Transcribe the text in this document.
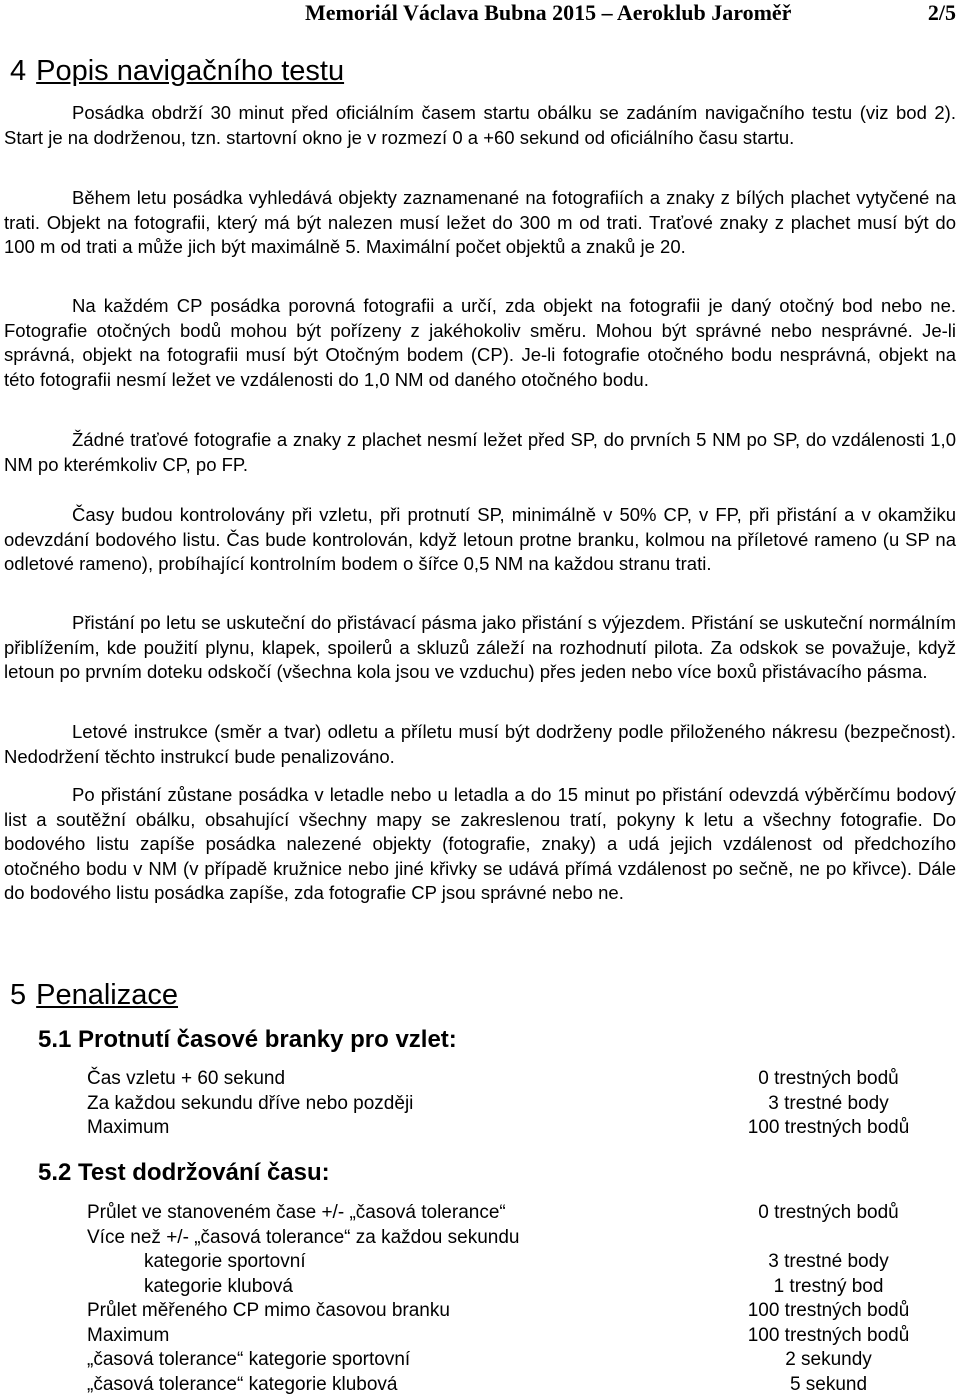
Memoriál Václava Bubna 2015 – Aeroklub Jaroměř	2/5
4 Popis navigačního testu

Posádka obdrží 30 minut před oficiálním časem startu obálku se zadáním navigačního testu (viz bod 2). Start je na dodrženou, tzn. startovní okno je v rozmezí 0 a +60 sekund od oficiálního času startu.

Během letu posádka vyhledává objekty zaznamenané na fotografiích a znaky z bílých plachet vytyčené na trati. Objekt na fotografii, který má být nalezen musí ležet do 300 m od trati. Traťové znaky z plachet musí být do 100 m od trati a může jich být maximálně 5. Maximální počet objektů a znaků je 20.

Na každém CP posádka porovná fotografii a určí, zda objekt na fotografii je daný otočný bod nebo ne. Fotografie otočných bodů mohou být pořízeny z jakéhokoliv směru. Mohou být správné nebo nesprávné. Je-li správná, objekt na fotografii musí být Otočným bodem (CP). Je-li fotografie otočného bodu nesprávná, objekt na této fotografii nesmí ležet ve vzdálenosti do 1,0 NM od daného otočného bodu.

Žádné traťové fotografie a znaky z plachet nesmí ležet před SP, do prvních 5 NM po SP, do vzdálenosti 1,0 NM po kterémkoliv CP, po FP.

Časy budou kontrolovány při vzletu, při protnutí SP, minimálně v 50% CP, v FP, při přistání a v okamžiku odevzdání bodového listu. Čas bude kontrolován, když letoun protne branku, kolmou na příletové rameno (u SP na odletové rameno), probíhající kontrolním bodem o šířce 0,5 NM na každou stranu trati.

Přistání po letu se uskuteční do přistávací pásma jako přistání s výjezdem. Přistání se uskuteční normálním přiblížením, kde použití plynu, klapek, spoilerů a skluzů záleží na rozhodnutí pilota. Za odskok se považuje, když letoun po prvním doteku odskočí (všechna kola jsou ve vzduchu) přes jeden nebo více boxů přistávacího pásma.

Letové instrukce (směr a tvar) odletu a příletu musí být dodrženy podle přiloženého nákresu (bezpečnost). Nedodržení těchto instrukcí bude penalizováno.

Po přistání zůstane posádka v letadle nebo u letadla a do 15 minut po přistání odevzdá výběrčímu bodový list a soutěžní obálku, obsahující všechny mapy se zakreslenou tratí, pokyny k letu a všechny fotografie. Do bodového listu zapíše posádka nalezené objekty (fotografie, znaky) a udá jejich vzdálenost od předchozího otočného bodu v NM (v případě kružnice nebo jiné křivky se udává přímá vzdálenost po sečně, ne po křivce). Dále do bodového listu posádka zapíše, zda fotografie CP jsou správné nebo ne.

5 Penalizace
5.1 Protnutí časové branky pro vzlet:
Čas vzletu + 60 sekund	0 trestných bodů
Za každou sekundu dříve nebo později	3 trestné body
Maximum	100 trestných bodů
5.2 Test dodržování času:
Průlet ve stanoveném čase +/- „časová tolerance“	0 trestných bodů
Více než +/- „časová tolerance“ za každou sekundu
kategorie sportovní	3 trestné body
kategorie klubová	1 trestný bod
Průlet měřeného CP mimo časovou branku	100 trestných bodů
Maximum	100 trestných bodů
„časová tolerance“ kategorie sportovní	2 sekundy
„časová tolerance“ kategorie klubová	5 sekund
